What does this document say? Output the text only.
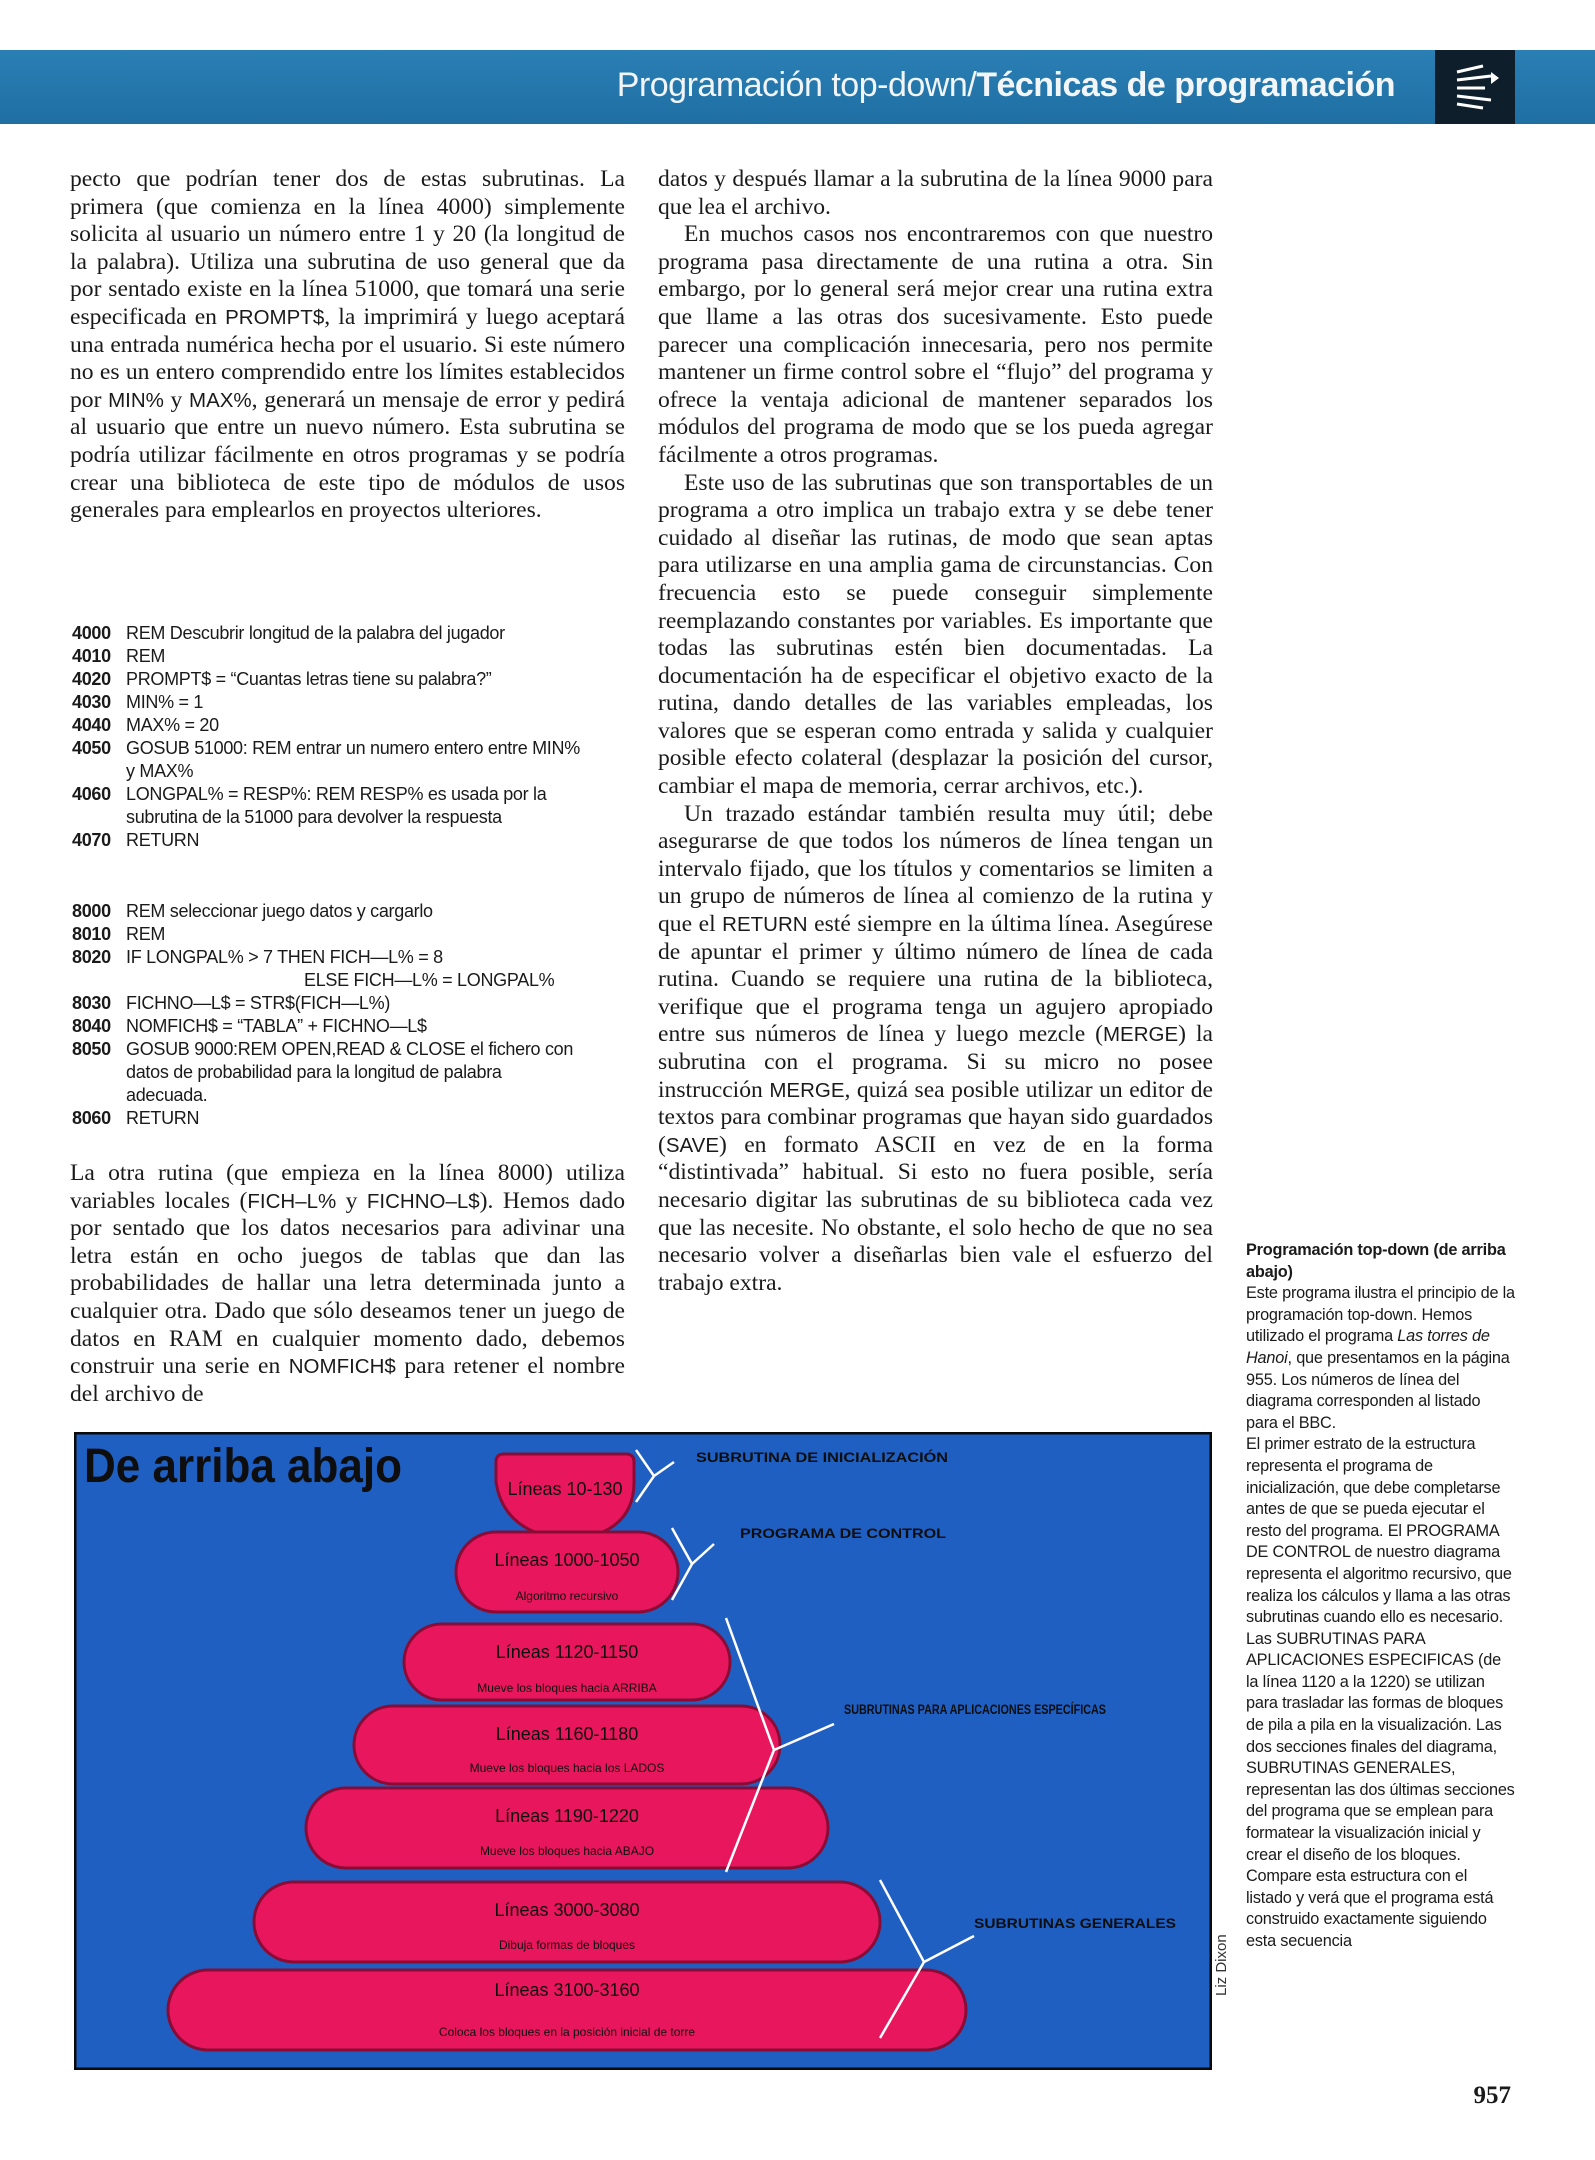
Programación top-down/Técnicas de programación

pecto que podrían tener dos de estas subrutinas. La primera (que comienza en la línea 4000) simplemente solicita al usuario un número entre 1 y 20 (la longitud de la palabra). Utiliza una subrutina de uso general que da por sentado existe en la línea 51000, que tomará una serie especificada en PROMPT$, la imprimirá y luego aceptará una entrada numérica hecha por el usuario. Si este número no es un entero comprendido entre los límites establecidos por MIN% y MAX%, generará un mensaje de error y pedirá al usuario que entre un nuevo número. Esta subrutina se podría utilizar fácilmente en otros programas y se podría crear una biblioteca de este tipo de módulos de usos generales para emplearlos en proyectos ulteriores.

4000 REM Descubrir longitud de la palabra del jugador
4010 REM
4020 PROMPT$ = “Cuantas letras tiene su palabra?”
4030 MIN% = 1
4040 MAX% = 20
4050 GOSUB 51000: REM entrar un numero entero entre MIN%
y MAX%
4060 LONGPAL% = RESP%: REM RESP% es usada por la
subrutina de la 51000 para devolver la respuesta
4070 RETURN
8000 REM seleccionar juego datos y cargarlo
8010 REM
8020 IF LONGPAL% > 7 THEN FICH—L% = 8
ELSE FICH—L% = LONGPAL%
8030 FICHNO—L$ = STR$(FICH—L%)
8040 NOMFICH$ = “TABLA” + FICHNO—L$
8050 GOSUB 9000:REM OPEN,READ & CLOSE el fichero con
datos de probabilidad para la longitud de palabra
adecuada.
8060 RETURN

La otra rutina (que empieza en la línea 8000) utiliza variables locales (FICH–L% y FICHNO–L$). Hemos dado por sentado que los datos necesarios para adivinar una letra están en ocho juegos de tablas que dan las probabilidades de hallar una letra determinada junto a cualquier otra. Dado que sólo deseamos tener un juego de datos en RAM en cualquier momento dado, debemos construir una serie en NOMFICH$ para retener el nombre del archivo de

datos y después llamar a la subrutina de la línea 9000 para que lea el archivo.

En muchos casos nos encontraremos con que nuestro programa pasa directamente de una rutina a otra. Sin embargo, por lo general será mejor crear una rutina extra que llame a las otras dos sucesivamente. Esto puede parecer una complicación innecesaria, pero nos permite mantener un firme control sobre el “flujo” del programa y ofrece la ventaja adicional de mantener separados los módulos del programa de modo que se los pueda agregar fácilmente a otros programas.

Este uso de las subrutinas que son transportables de un programa a otro implica un trabajo extra y se debe tener cuidado al diseñar las rutinas, de modo que sean aptas para utilizarse en una amplia gama de circunstancias. Con frecuencia esto se puede conseguir simplemente reemplazando constantes por variables. Es importante que todas las subrutinas estén bien documentadas. La documentación ha de especificar el objetivo exacto de la rutina, dando detalles de las variables empleadas, los valores que se esperan como entrada y salida y cualquier posible efecto colateral (desplazar la posición del cursor, cambiar el mapa de memoria, cerrar archivos, etc.).

Un trazado estándar también resulta muy útil; debe asegurarse de que todos los números de línea tengan un intervalo fijado, que los títulos y comentarios se limiten a un grupo de números de línea al comienzo de la rutina y que el RETURN esté siempre en la última línea. Asegúrese de apuntar el primer y último número de línea de cada rutina. Cuando se requiere una rutina de la biblioteca, verifique que el programa tenga un agujero apropiado entre sus números de línea y luego mezcle (MERGE) la subrutina con el programa. Si su micro no posee instrucción MERGE, quizá sea posible utilizar un editor de textos para combinar programas que hayan sido guardados (SAVE) en formato ASCII en vez de en la forma “distintivada” habitual. Si esto no fuera posible, sería necesario digitar las subrutinas de su biblioteca cada vez que las necesite. No obstante, el solo hecho de que no sea necesario volver a diseñarlas bien vale el esfuerzo del trabajo extra.

De arriba abajo	Líneas 10-130
Líneas 1000-1050
Algoritmo recursivo
Líneas 1120-1150
Mueve los bloques hacia ARRIBA
Líneas 1160-1180
Mueve los bloques hacia los LADOS
Líneas 1190-1220
Mueve los bloques hacia ABAJO
Líneas 3000-3080
Dibuja formas de bloques
Líneas 3100-3160
Coloca los bloques en la posición inicial de torre
SUBRUTINA DE INICIALIZACIÓN
PROGRAMA DE CONTROL
SUBRUTINAS PARA APLICACIONES ESPECÍFICAS
SUBRUTINAS GENERALES
Liz Dixon
Programación top-down (de arriba abajo)
Este programa ilustra el principio de la programación top-down. Hemos utilizado el programa Las torres de Hanoi, que presentamos en la página 955. Los números de línea del diagrama corresponden al listado para el BBC.
El primer estrato de la estructura representa el programa de inicialización, que debe completarse antes de que se pueda ejecutar el resto del programa. El PROGRAMA DE CONTROL de nuestro diagrama representa el algoritmo recursivo, que realiza los cálculos y llama a las otras subrutinas cuando ello es necesario. Las SUBRUTINAS PARA APLICACIONES ESPECIFICAS (de la línea 1120 a la 1220) se utilizan para trasladar las formas de bloques de pila a pila en la visualización. Las dos secciones finales del diagrama, SUBRUTINAS GENERALES, representan las dos últimas secciones del programa que se emplean para formatear la visualización inicial y crear el diseño de los bloques. Compare esta estructura con el listado y verá que el programa está construido exactamente siguiendo esta secuencia
957
